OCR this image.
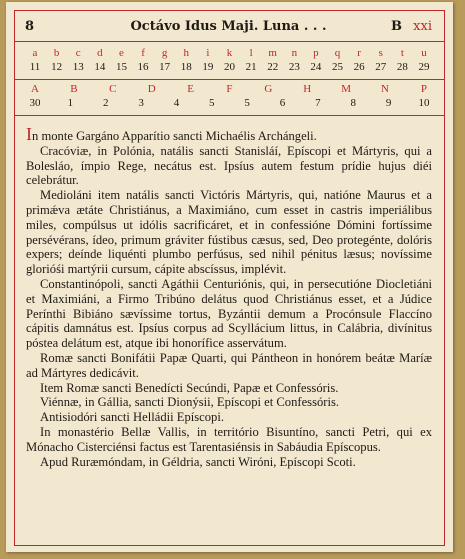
8	Octávo Idus Maji. Luna . . .	B xxi
a	b	c	d	e	f	g	h	i	k	l	m	n	p	q	r	s	t	u
11 12 13 14 15 16 17 18 19 20 21 22 23 24 25 26 27 28 29
A	B	C	D	E	F	G	H	M	N	P
30	1	2	3	4	5	5	6	7	8	9	10

In monte Gargáno Apparítio sancti Michaélis Archángeli.

Cracóviæ, in Polónia, natális sancti Stanisláí, Epíscopi et Mártyris, qui a Bolesláo, ímpio Rege, necátus est. Ipsíus autem festum prídie hujus diéi celebrátur.

Medioláni item natális sancti Victóris Mártyris, qui, natióne Maurus et a primǽva ætáte Christiánus, a Maximiáno, cum esset in castris imperiálibus miles, compúlsus ut idólis sacrificáret, et in confessióne Dómini fortíssime persévérans, ídeo, primum gráviter fústibus cæsus, sed, Deo protegénte, dolóris expers; deínde liquénti plumbo perfúsus, sed nihil pénitus læsus; novíssime glorióśi martýrii cursum, cápite abscíssus, implévit.

Constantinópoli, sancti Agáthii Centuriónis, qui, in persecutióne Diocletiáni et Maximiáni, a Firmo Tribúno delátus quod Christiánus esset, et a Júdice Perínthi Bibiáno sævíssime tortus, Byzántii demum a Procónsule Flaccíno cápitis damnátus est. Ipsíus corpus ad Scyllácium littus, in Calábria, divínitus póstea delátum est, atque ibi honorífice asservátum.

Romæ sancti Bonifátii Papæ Quarti, qui Pántheon in honórem beátæ Maríæ ad Mártyres dedicávit.

Item Romæ sancti Benedícti Secúndi, Papæ et Confessóris.

Viénnæ, in Gállia, sancti Dionýsii, Epíscopi et Confessóris.

Antisiodóri sancti Helládii Epíscopi.

In monastério Bellæ Vallis, in território Bisuntíno, sancti Petri, qui ex Mónacho Cisterciénsi factus est Tarentasiénsis in Sabáudia Epíscopus.

Apud Ruræmóndam, in Géldria, sancti Wiróni, Epíscopi Scoti.
